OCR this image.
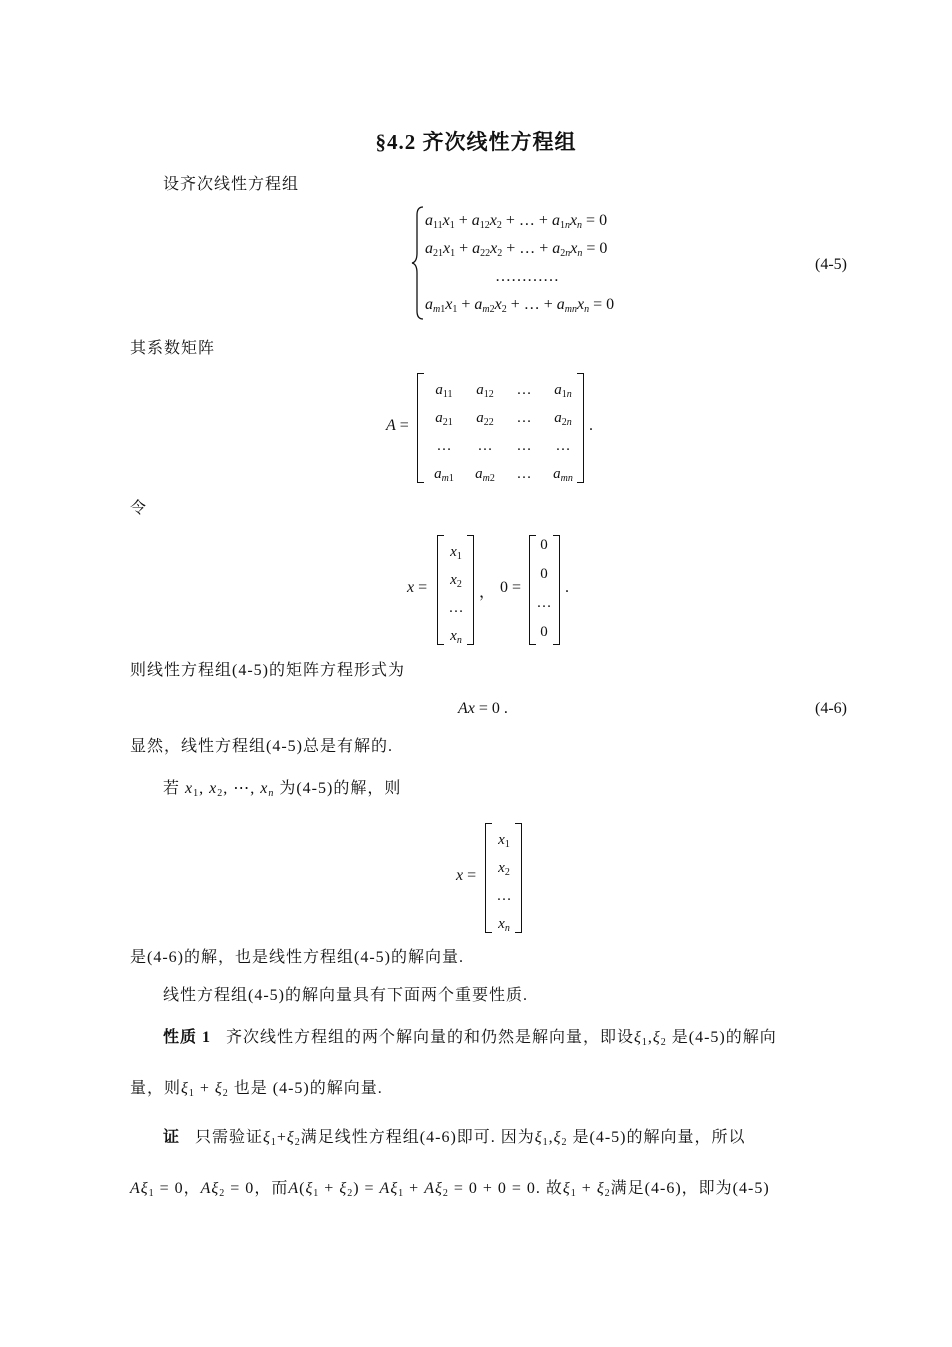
§4.2 齐次线性方程组
设齐次线性方程组
$a_{11}x_1 + a_{12}x_2$ + … + $a_{1n}x_n = 0$
$a_{21}x_1 + a_{22}x_2$ + … + $a_{2n}x_n = 0$
…………
$a_{m1}x_1 + a_{m2}x_2$ + … + $a_{mn}x_n = 0$
(4-5)
其系数矩阵
A =
$a_{11}$	$a_{12}$	…	$a_{1n}$
$a_{21}$	$a_{22}$	…	$a_{2n}$
…	…	…	…
$a_{m1}$	$a_{m2}$	…	$a_{mn}$
.
令
x =
$x_1$
$x_2$
…
$x_n$
， 0 =
0
0
…
0
.
则线性方程组(4-5)的矩阵方程形式为
Ax = 0 .	(4-6)
显然，线性方程组(4-5)总是有解的.
若 $x_1$, $x_2$, ⋯, $x_n$ 为(4-5)的解，则
x =
$x_1$
$x_2$
…
$x_n$
是(4-6)的解，也是线性方程组(4-5)的解向量.
线性方程组(4-5)的解向量具有下面两个重要性质.
性质 1 齐次线性方程组的两个解向量的和仍然是解向量，即设$\xi_1,\xi_2$ 是(4-5)的解向
量，则$\xi_1 + \xi_2$ 也是 (4-5)的解向量.
证 只需验证$\xi_1+\xi_2$满足线性方程组(4-6)即可. 因为$\xi_1,\xi_2$ 是(4-5)的解向量，所以
$A\xi_1 = 0$，$A\xi_2 = 0$，而$A(\xi_1 + \xi_2) = A\xi_1 + A\xi_2 = 0 + 0 = 0$. 故$\xi_1 + \xi_2$满足(4-6)，即为(4-5)
